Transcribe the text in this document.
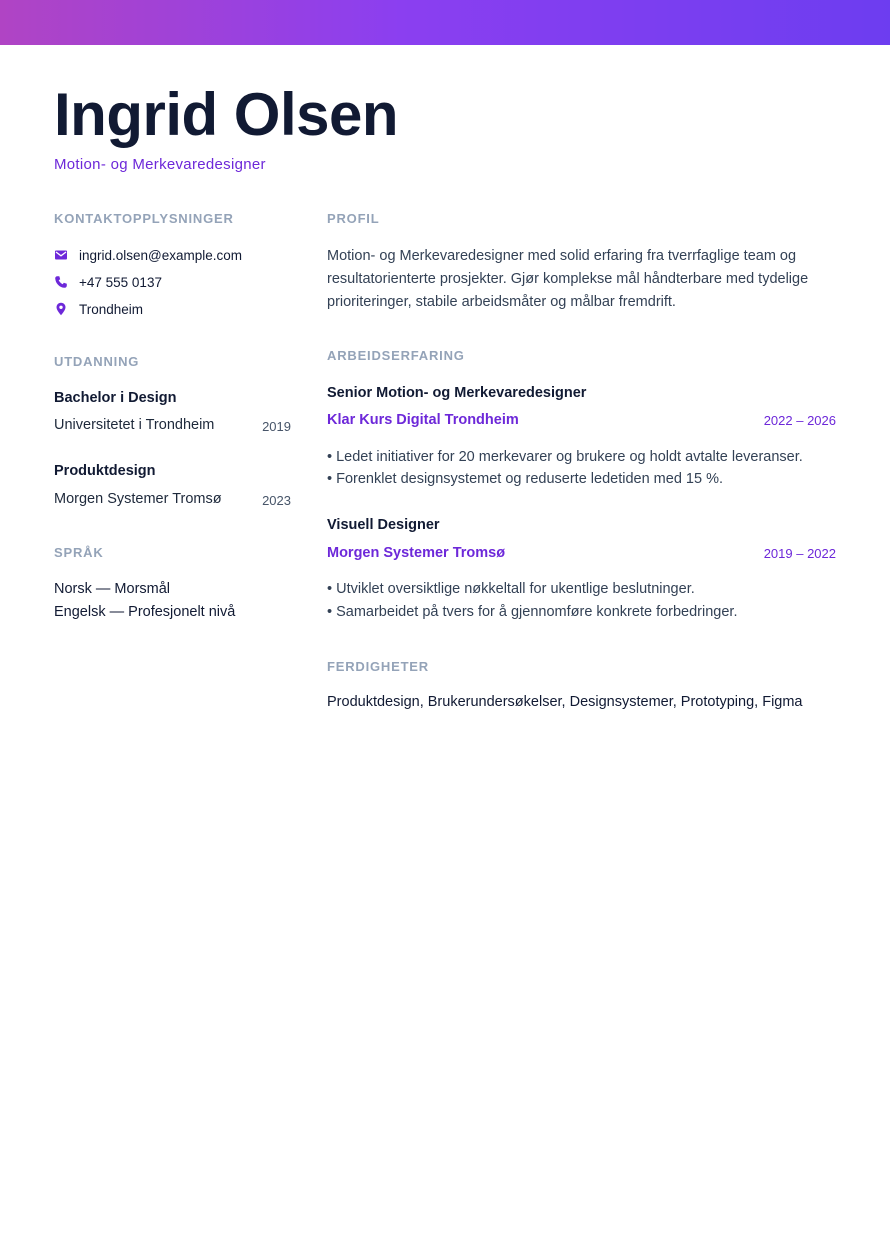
Ingrid Olsen
Motion- og Merkevaredesigner
KONTAKTOPPLYSNINGER
ingrid.olsen@example.com
+47 555 0137
Trondheim
UTDANNING
Bachelor i Design
Universitetet i Trondheim	2019
Produktdesign
Morgen Systemer Tromsø	2023
SPRÅK
Norsk — Morsmål
Engelsk — Profesjonelt nivå
PROFIL
Motion- og Merkevaredesigner med solid erfaring fra tverrfaglige team og resultatorienterte prosjekter. Gjør komplekse mål håndterbare med tydelige prioriteringer, stabile arbeidsmåter og målbar fremdrift.
ARBEIDSERFARING
Senior Motion- og Merkevaredesigner
Klar Kurs Digital Trondheim	2022 – 2026
• Ledet initiativer for 20 merkevarer og brukere og holdt avtalte leveranser.
• Forenklet designsystemet og reduserte ledetiden med 15 %.
Visuell Designer
Morgen Systemer Tromsø	2019 – 2022
• Utviklet oversiktlige nøkkeltall for ukentlige beslutninger.
• Samarbeidet på tvers for å gjennomføre konkrete forbedringer.
FERDIGHETER
Produktdesign, Brukerundersøkelser, Designsystemer, Prototyping, Figma
